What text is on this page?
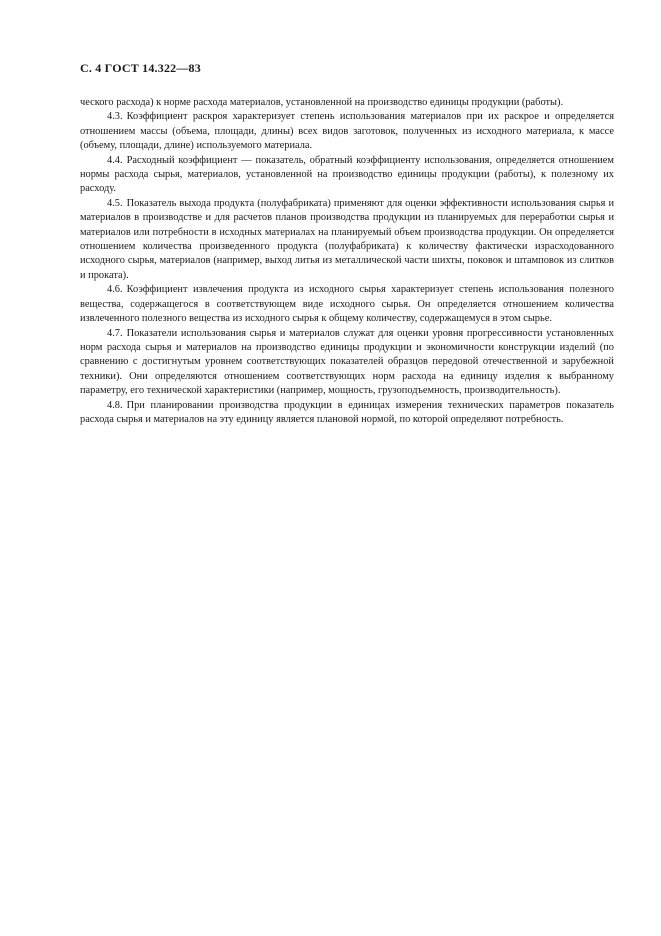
С. 4 ГОСТ 14.322—83

ческого расхода) к норме расхода материалов, установленной на производство единицы продукции (работы).

4.3. Коэффициент раскроя характеризует степень использования материалов при их раскрое и определяется отношением массы (объема, площади, длины) всех видов заготовок, полученных из исходного материала, к массе (объему, площади, длине) используемого материала.

4.4. Расходный коэффициент — показатель, обратный коэффициенту использования, определяется отношением нормы расхода сырья, материалов, установленной на производство единицы продукции (работы), к полезному их расходу.

4.5. Показатель выхода продукта (полуфабриката) применяют для оценки эффективности использования сырья и материалов в производстве и для расчетов планов производства продукции из планируемых для переработки сырья и материалов или потребности в исходных материалах на планируемый объем производства продукции. Он определяется отношением количества произведенного продукта (полуфабриката) к количеству фактически израсходованного исходного сырья, материалов (например, выход литья из металлической части шихты, поковок и штамповок из слитков и проката).

4.6. Коэффициент извлечения продукта из исходного сырья характеризует степень использования полезного вещества, содержащегося в соответствующем виде исходного сырья. Он определяется отношением количества извлеченного полезного вещества из исходного сырья к общему количеству, содержащемуся в этом сырье.

4.7. Показатели использования сырья и материалов служат для оценки уровня прогрессивности установленных норм расхода сырья и материалов на производство единицы продукции и экономичности конструкции изделий (по сравнению с достигнутым уровнем соответствующих показателей образцов передовой отечественной и зарубежной техники). Они определяются отношением соответствующих норм расхода на единицу изделия к выбранному параметру, его технической характеристики (например, мощность, грузоподъемность, производительность).

4.8. При планировании производства продукции в единицах измерения технических параметров показатель расхода сырья и материалов на эту единицу является плановой нормой, по которой определяют потребность.
